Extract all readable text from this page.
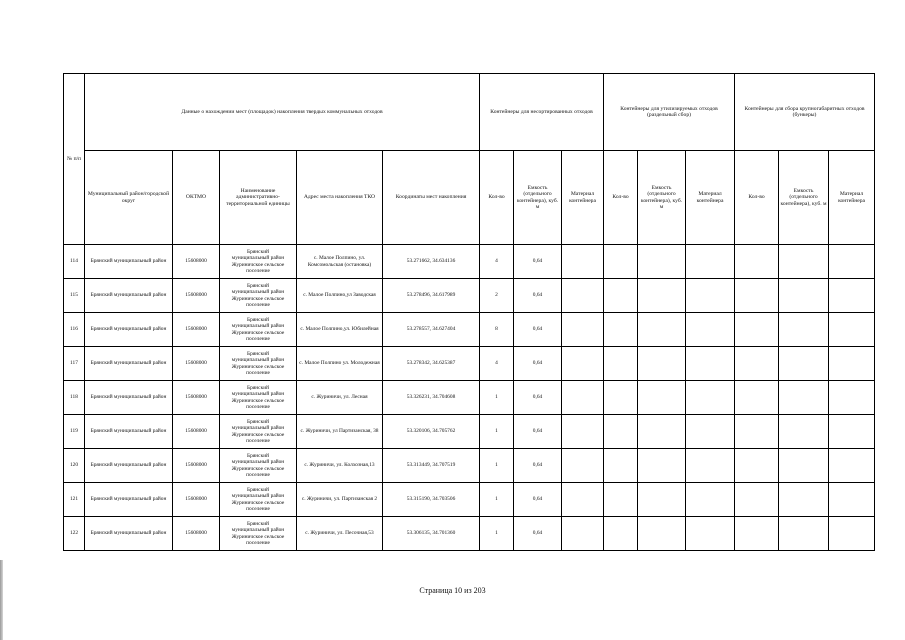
№ п/п	Данные о нахождении мест (площадок) накопления твердых коммунальных отходов					Контейнеры для несортированных отходов			Контейнеры для утилизируемых отходов (раздельный сбор)			Контейнеры для сбора крупногабаритных отходов (бункеры)		
	Муниципальный район/городской округ	ОКТМО	Наименование административно-территориальной единицы	Адрес места накопления ТКО	Координаты мест накопления	Кол-во	Емкость (отдельного контейнера), куб. м	Материал контейнера	Кол-во	Емкость (отдельного контейнера), куб. м	Материал контейнера	Кол-во	Емкость (отдельного контейнера), куб. м	Материал контейнера
114	Брянский муниципальный район	15608000	Брянский
муниципальный район
Журиничское сельское
поселение	с. Малое Полпино, ул. Комсомольская (остановка)	53.271662, 34.634136	4	0,64							
115	Брянский муниципальный район	15608000	Брянский
муниципальный район
Журиничское сельское
поселение	с. Малое Полпино,ул Заводская	53.278496, 34.617989	2	0,64							
116	Брянский муниципальный район	15608000	Брянский
муниципальный район
Журиничское сельское
поселение	с. Малое Полпино,ул. Юбилейная	53.278557, 34.627404	8	0,64							
117	Брянский муниципальный район	15608000	Брянский
муниципальный район
Журиничское сельское
поселение	с. Малое Полпино ул. Молодежная	53.278342, 34.625387	4	0,64							
118	Брянский муниципальный район	15608000	Брянский
муниципальный район
Журиничское сельское
поселение	с. Журиничи, ул. Лесная	53.326231, 34.704608	1	0,64							
119	Брянский муниципальный район	15608000	Брянский
муниципальный район
Журиничское сельское
поселение	с. Журиничи, ул Партизанская, 38	53.320106, 34.705762	1	0,64							
120	Брянский муниципальный район	15608000	Брянский
муниципальный район
Журиничское сельское
поселение	с. Журиничи, ул. Колхозная,13	53.313449, 34.707519	1	0,64							
121	Брянский муниципальный район	15608000	Брянский
муниципальный район
Журиничское сельское
поселение	с. Журиничи, ул. Партизанская 2	53.315190, 34.703506	1	0,64							
122	Брянский муниципальный район	15608000	Брянский
муниципальный район
Журиничское сельское
поселение	с. Журиничи, ул. Песочная,53	53.306135, 34.701360	1	0,64							
Страница 10 из 203
